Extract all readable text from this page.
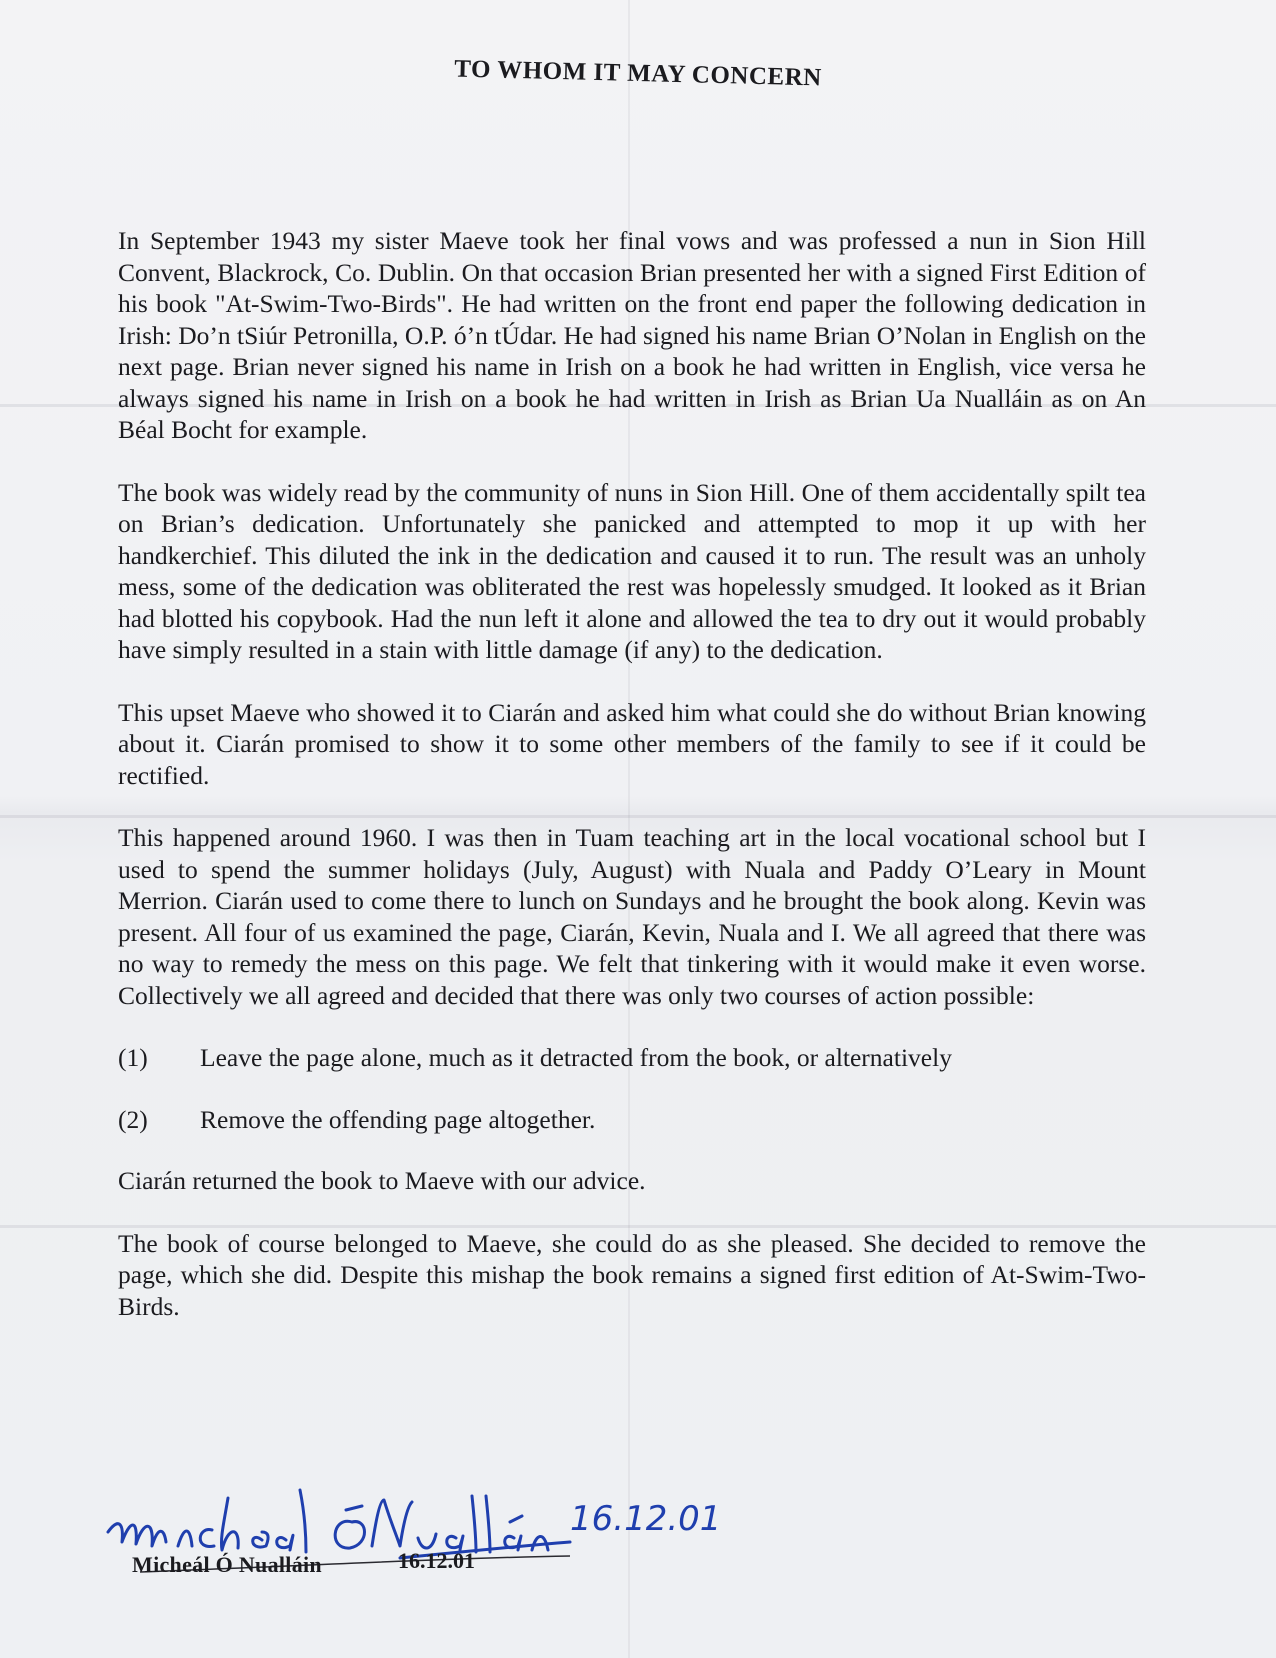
TO WHOM IT MAY CONCERN

In September 1943 my sister Maeve took her final vows and was professed a nun in Sion Hill Convent, Blackrock, Co. Dublin. On that occasion Brian presented her with a signed First Edition of his book "At-Swim-Two-Birds". He had written on the front end paper the following dedication in Irish: Do’n tSiúr Petronilla, O.P. ó’n tÚdar. He had signed his name Brian O’Nolan in English on the next page. Brian never signed his name in Irish on a book he had written in English, vice versa he always signed his name in Irish on a book he had written in Irish as Brian Ua Nualláin as on An Béal Bocht for example.

The book was widely read by the community of nuns in Sion Hill. One of them accidentally spilt tea on Brian’s dedication. Unfortunately she panicked and attempted to mop it up with her handkerchief. This diluted the ink in the dedication and caused it to run. The result was an unholy mess, some of the dedication was obliterated the rest was hopelessly smudged. It looked as it Brian had blotted his copybook. Had the nun left it alone and allowed the tea to dry out it would probably have simply resulted in a stain with little damage (if any) to the dedication.

This upset Maeve who showed it to Ciarán and asked him what could she do without Brian knowing about it. Ciarán promised to show it to some other members of the family to see if it could be rectified.

This happened around 1960. I was then in Tuam teaching art in the local vocational school but I used to spend the summer holidays (July, August) with Nuala and Paddy O’Leary in Mount Merrion. Ciarán used to come there to lunch on Sundays and he brought the book along. Kevin was present. All four of us examined the page, Ciarán, Kevin, Nuala and I. We all agreed that there was no way to remedy the mess on this page. We felt that tinkering with it would make it even worse. Collectively we all agreed and decided that there was only two courses of action possible:

(1)	Leave the page alone, much as it detracted from the book, or alternatively
(2)	Remove the offending page altogether.

Ciarán returned the book to Maeve with our advice.

The book of course belonged to Maeve, she could do as she pleased. She decided to remove the page, which she did. Despite this mishap the book remains a signed first edition of At-Swim-Two-Birds.

16.12.01
Micheál Ó Nualláin	16.12.01
